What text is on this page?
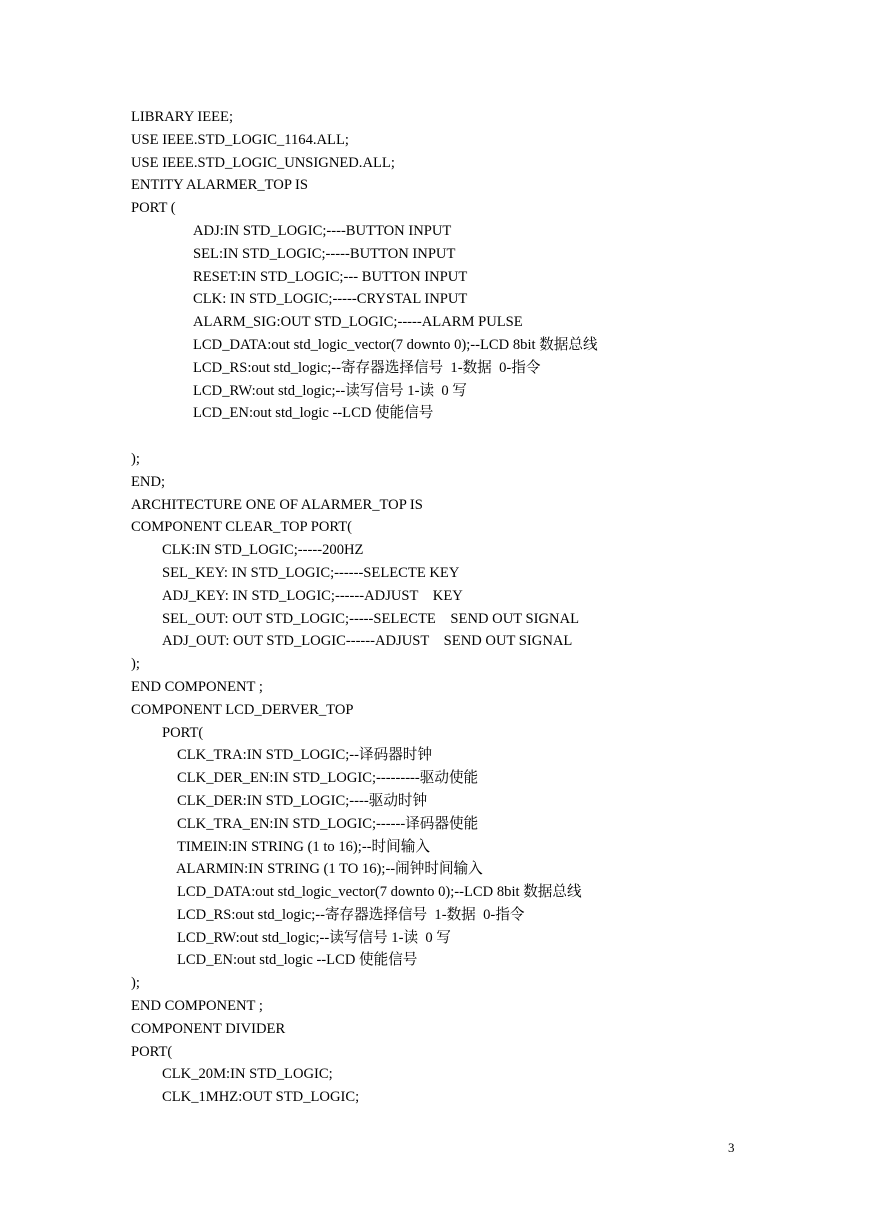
LIBRARY IEEE;
USE IEEE.STD_LOGIC_1164.ALL;
USE IEEE.STD_LOGIC_UNSIGNED.ALL;
ENTITY ALARMER_TOP IS
PORT (
ADJ:IN STD_LOGIC;----BUTTON INPUT
SEL:IN STD_LOGIC;-----BUTTON INPUT
RESET:IN STD_LOGIC;--- BUTTON INPUT
CLK: IN STD_LOGIC;-----CRYSTAL INPUT
ALARM_SIG:OUT STD_LOGIC;-----ALARM PULSE
LCD_DATA:out std_logic_vector(7 downto 0);--LCD 8bit 数据总线
LCD_RS:out std_logic;--寄存器选择信号  1-数据  0-指令
LCD_RW:out std_logic;--读写信号 1-读  0 写
LCD_EN:out std_logic --LCD 使能信号
);
END;
ARCHITECTURE ONE OF ALARMER_TOP IS
COMPONENT CLEAR_TOP PORT(
CLK:IN STD_LOGIC;-----200HZ
SEL_KEY: IN STD_LOGIC;------SELECTE KEY
ADJ_KEY: IN STD_LOGIC;------ADJUST    KEY
SEL_OUT: OUT STD_LOGIC;-----SELECTE    SEND OUT SIGNAL
ADJ_OUT: OUT STD_LOGIC------ADJUST    SEND OUT SIGNAL
);
END COMPONENT ;
COMPONENT LCD_DERVER_TOP
PORT(
CLK_TRA:IN STD_LOGIC;--译码器时钟
CLK_DER_EN:IN STD_LOGIC;---------驱动使能
CLK_DER:IN STD_LOGIC;----驱动时钟
CLK_TRA_EN:IN STD_LOGIC;------译码器使能
TIMEIN:IN STRING (1 to 16);--时间输入
ALARMIN:IN STRING (1 TO 16);--闹钟时间输入
LCD_DATA:out std_logic_vector(7 downto 0);--LCD 8bit 数据总线
LCD_RS:out std_logic;--寄存器选择信号  1-数据  0-指令
LCD_RW:out std_logic;--读写信号 1-读  0 写
LCD_EN:out std_logic --LCD 使能信号
);
END COMPONENT ;
COMPONENT DIVIDER
PORT(
CLK_20M:IN STD_LOGIC;
CLK_1MHZ:OUT STD_LOGIC;
3
